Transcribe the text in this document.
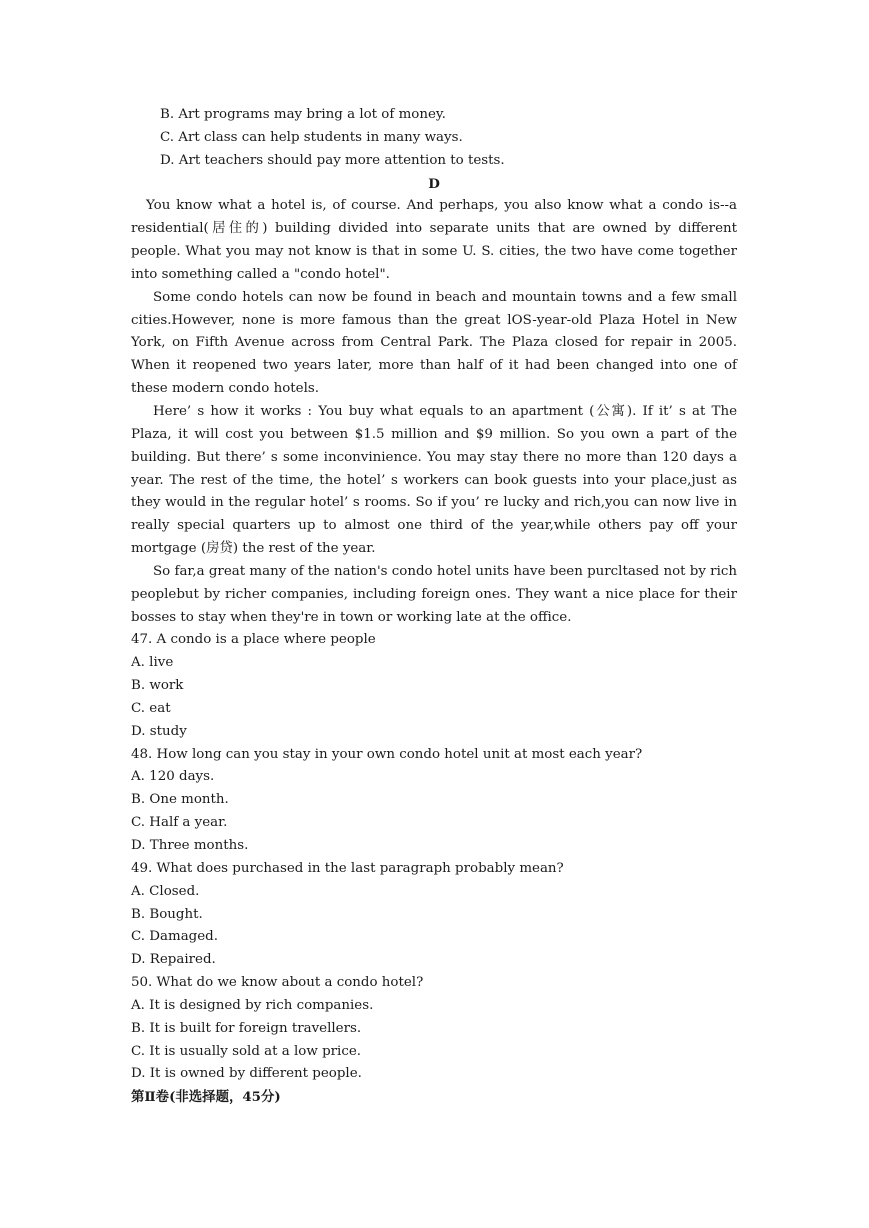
B. Art programs may bring a lot of money.
C. Art class can help students in many ways.
D. Art teachers should pay more attention to tests.
D

You know what a hotel is, of course. And perhaps, you also know what a condo is--a residential(居住的) building divided into separate units that are owned by different people. What you may not know is that in some U. S. cities, the two have come together into something called a "condo hotel".

Some condo hotels can now be found in beach and mountain towns and a few small cities.However, none is more famous than the great lOS-year-old Plaza Hotel in New York, on Fifth Avenue across from Central Park. The Plaza closed for repair in 2005. When it reopened two years later, more than half of it had been changed into one of these modern condo hotels.

Here’ s how it works : You buy what equals to an apartment (公寓). If it’ s at The Plaza, it will cost you between $1.5 million and $9 million. So you own a part of the building. But there’ s some inconvinience. You may stay there no more than 120 days a year. The rest of the time, the hotel’ s workers can book guests into your place,just as they would in the regular hotel’ s rooms. So if you’ re lucky and rich,you can now live in really special quarters up to almost one third of the year,while others pay off your mortgage (房贷) the rest of the year.

So far,a great many of the nation's condo hotel units have been purcltased not by rich peoplebut by richer companies, including foreign ones. They want a nice place for their bosses to stay when they're in town or working late at the office.

47. A condo is a place where people
A. live
B. work
C. eat
D. study
48. How long can you stay in your own condo hotel unit at most each year?
A. 120 days.
B. One month.
C. Half a year.
D. Three months.
49. What does purchased in the last paragraph probably mean?
A. Closed.
B. Bought.
C. Damaged.
D. Repaired.
50. What do we know about a condo hotel?
A. It is designed by rich companies.
B. It is built for foreign travellers.
C. It is usually sold at a low price.
D. It is owned by different people.
第Ⅱ卷(非选择题，45分)
